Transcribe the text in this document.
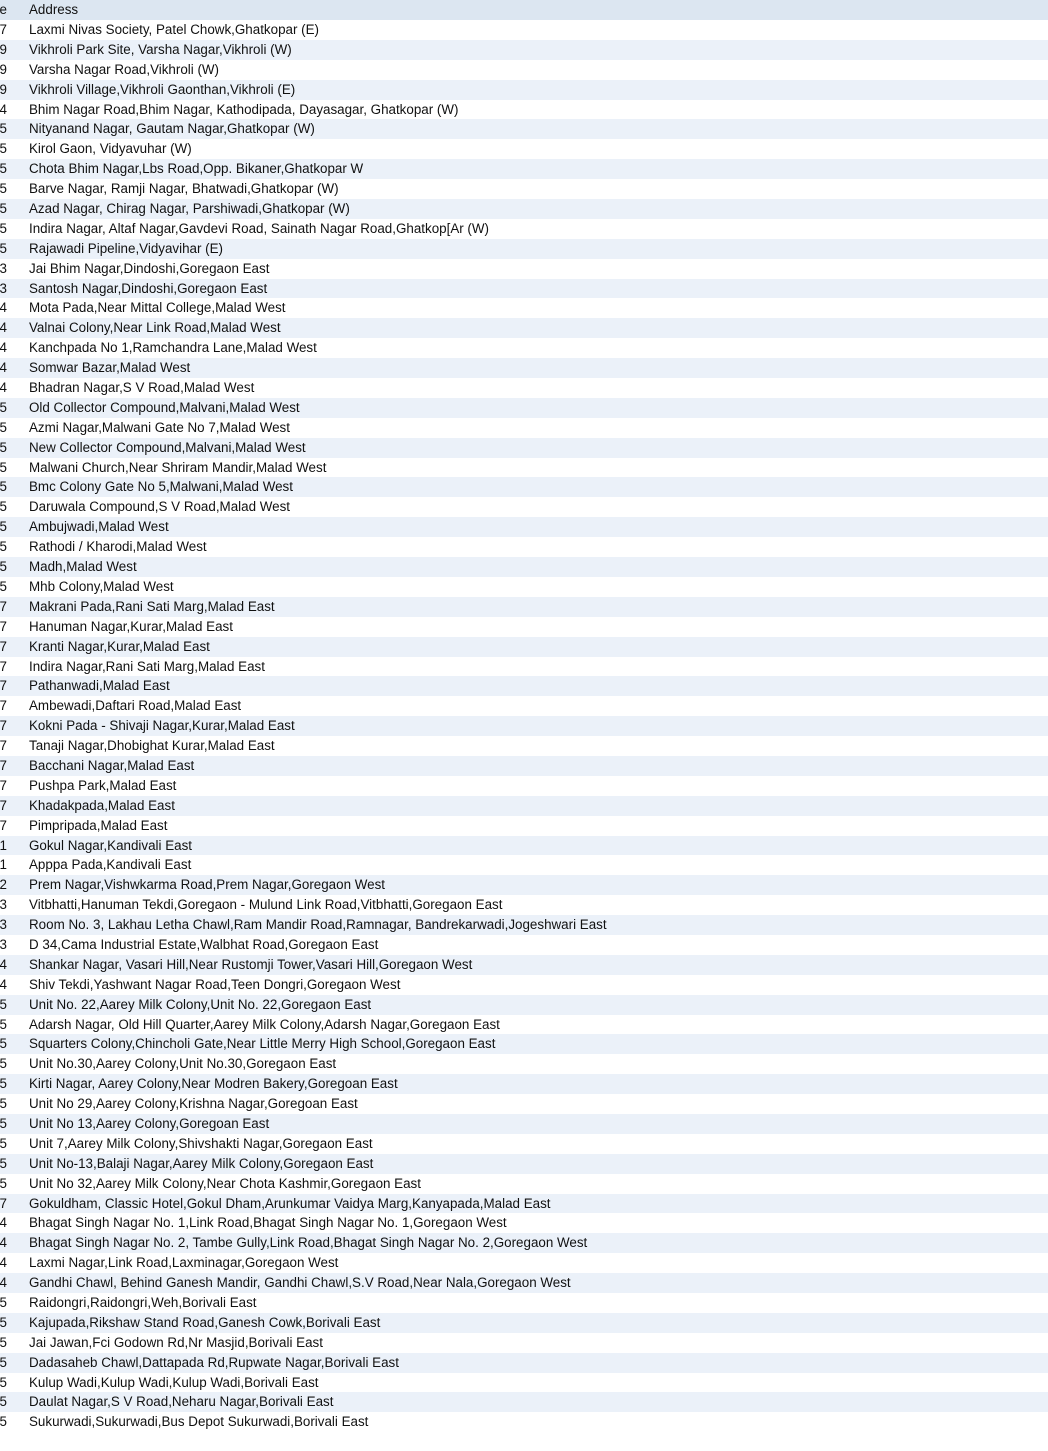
e Address
7 Laxmi Nivas Society, Patel Chowk,Ghatkopar (E)
9 Vikhroli Park Site, Varsha Nagar,Vikhroli (W)
9 Varsha Nagar Road,Vikhroli (W)
9 Vikhroli Village,Vikhroli Gaonthan,Vikhroli (E)
4 Bhim Nagar Road,Bhim Nagar, Kathodipada, Dayasagar, Ghatkopar (W)
5 Nityanand Nagar, Gautam Nagar,Ghatkopar (W)
5 Kirol Gaon, Vidyavuhar (W)
5 Chota Bhim Nagar,Lbs Road,Opp. Bikaner,Ghatkopar W
5 Barve Nagar, Ramji Nagar, Bhatwadi,Ghatkopar (W)
5 Azad Nagar, Chirag Nagar, Parshiwadi,Ghatkopar (W)
5 Indira Nagar, Altaf Nagar,Gavdevi Road, Sainath Nagar Road,Ghatkop[Ar (W)
5 Rajawadi Pipeline,Vidyavihar (E)
3 Jai Bhim Nagar,Dindoshi,Goregaon East
3 Santosh Nagar,Dindoshi,Goregaon East
4 Mota Pada,Near Mittal College,Malad West
4 Valnai Colony,Near Link Road,Malad West
4 Kanchpada No 1,Ramchandra Lane,Malad West
4 Somwar Bazar,Malad West
4 Bhadran Nagar,S V Road,Malad West
5 Old Collector Compound,Malvani,Malad West
5 Azmi Nagar,Malwani Gate No 7,Malad West
5 New Collector Compound,Malvani,Malad West
5 Malwani Church,Near Shriram Mandir,Malad West
5 Bmc Colony Gate No 5,Malwani,Malad West
5 Daruwala Compound,S V Road,Malad West
5 Ambujwadi,Malad West
5 Rathodi / Kharodi,Malad West
5 Madh,Malad West
5 Mhb Colony,Malad West
7 Makrani Pada,Rani Sati Marg,Malad East
7 Hanuman Nagar,Kurar,Malad East
7 Kranti Nagar,Kurar,Malad East
7 Indira Nagar,Rani Sati Marg,Malad East
7 Pathanwadi,Malad East
7 Ambewadi,Daftari Road,Malad East
7 Kokni Pada - Shivaji Nagar,Kurar,Malad East
7 Tanaji Nagar,Dhobighat Kurar,Malad East
7 Bacchani Nagar,Malad East
7 Pushpa Park,Malad East
7 Khadakpada,Malad East
7 Pimpripada,Malad East
1 Gokul Nagar,Kandivali East
1 Apppa Pada,Kandivali East
2 Prem Nagar,Vishwkarma Road,Prem Nagar,Goregaon West
3 Vitbhatti,Hanuman Tekdi,Goregaon - Mulund Link Road,Vitbhatti,Goregaon East
3 Room No. 3, Lakhau Letha Chawl,Ram Mandir Road,Ramnagar, Bandrekarwadi,Jogeshwari East
3 D 34,Cama Industrial Estate,Walbhat Road,Goregaon East
4 Shankar Nagar, Vasari Hill,Near Rustomji Tower,Vasari Hill,Goregaon West
4 Shiv Tekdi,Yashwant Nagar Road,Teen Dongri,Goregaon West
5 Unit No. 22,Aarey Milk Colony,Unit No. 22,Goregaon East
5 Adarsh Nagar, Old Hill Quarter,Aarey Milk Colony,Adarsh Nagar,Goregaon East
5 Squarters Colony,Chincholi Gate,Near Little Merry High School,Goregaon East
5 Unit No.30,Aarey Colony,Unit No.30,Goregaon East
5 Kirti Nagar, Aarey Colony,Near Modren Bakery,Goregoan East
5 Unit No 29,Aarey Colony,Krishna Nagar,Goregoan East
5 Unit No 13,Aarey Colony,Goregoan East
5 Unit 7,Aarey Milk Colony,Shivshakti Nagar,Goregaon East
5 Unit No-13,Balaji Nagar,Aarey Milk Colony,Goregaon East
5 Unit No 32,Aarey Milk Colony,Near Chota Kashmir,Goregaon East
7 Gokuldham, Classic Hotel,Gokul Dham,Arunkumar Vaidya Marg,Kanyapada,Malad East
4 Bhagat Singh Nagar No. 1,Link Road,Bhagat Singh Nagar No. 1,Goregaon West
4 Bhagat Singh Nagar No. 2, Tambe Gully,Link Road,Bhagat Singh Nagar No. 2,Goregaon West
4 Laxmi Nagar,Link Road,Laxminagar,Goregaon West
4 Gandhi Chawl, Behind Ganesh Mandir, Gandhi Chawl,S.V Road,Near Nala,Goregaon West
5 Raidongri,Raidongri,Weh,Borivali East
5 Kajupada,Rikshaw Stand Road,Ganesh Cowk,Borivali East
5 Jai Jawan,Fci Godown Rd,Nr Masjid,Borivali East
5 Dadasaheb Chawl,Dattapada Rd,Rupwate Nagar,Borivali East
5 Kulup Wadi,Kulup Wadi,Kulup Wadi,Borivali East
5 Daulat Nagar,S V Road,Neharu Nagar,Borivali East
5 Sukurwadi,Sukurwadi,Bus Depot Sukurwadi,Borivali East
